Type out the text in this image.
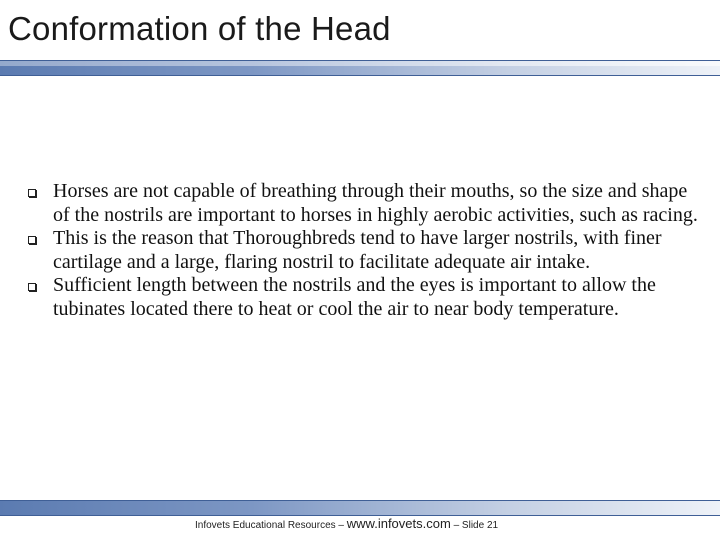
Conformation of the Head
Horses are not capable of breathing through their mouths, so the size and shape of the nostrils are important to horses in highly aerobic activities, such as racing.
This is the reason that Thoroughbreds tend to have larger nostrils, with finer cartilage and a large, flaring nostril to facilitate adequate air intake.
Sufficient length between the nostrils and the eyes is important to allow the tubinates located there to heat or cool the air to near body temperature.
Infovets Educational Resources – www.infovets.com – Slide 21
